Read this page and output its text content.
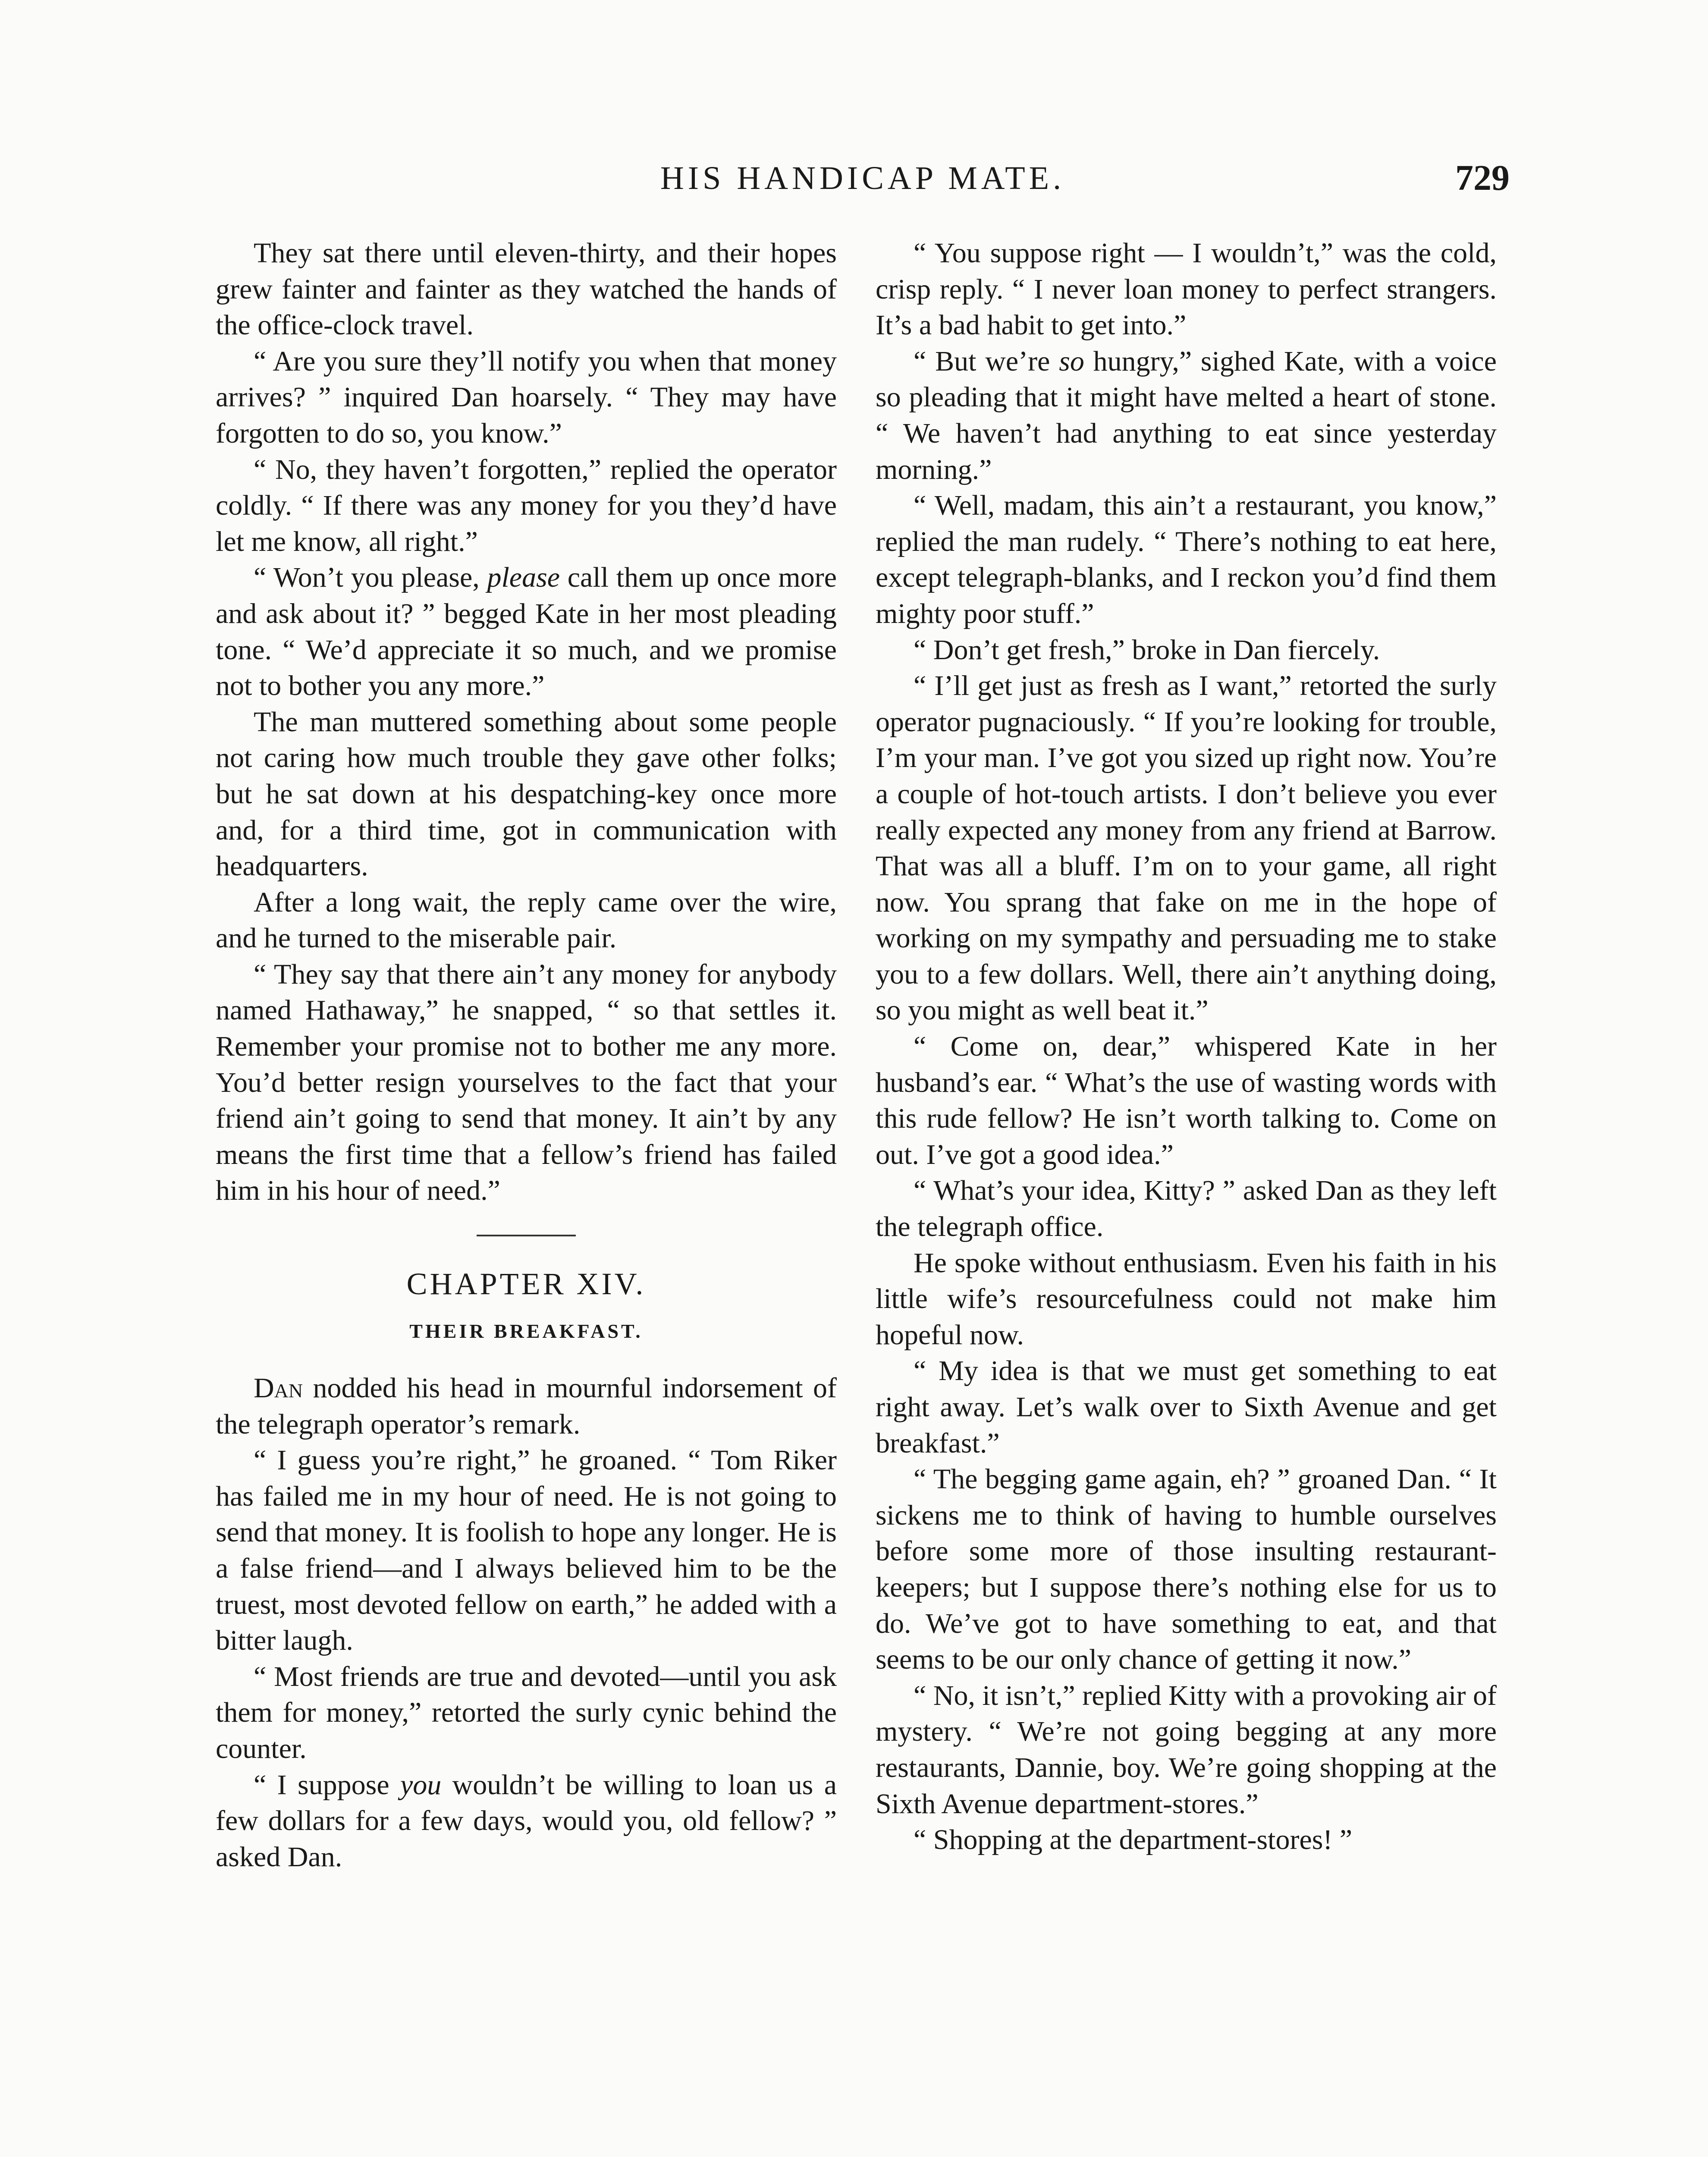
HIS HANDICAP MATE.	729

They sat there until eleven-thirty, and their hopes grew fainter and fainter as they watched the hands of the office-clock travel.

“ Are you sure they’ll notify you when that money arrives? ” inquired Dan hoarsely. “ They may have forgotten to do so, you know.”

“ No, they haven’t forgotten,” replied the operator coldly. “ If there was any money for you they’d have let me know, all right.”

“ Won’t you please, please call them up once more and ask about it? ” begged Kate in her most pleading tone. “ We’d appreciate it so much, and we promise not to bother you any more.”

The man muttered something about some people not caring how much trouble they gave other folks; but he sat down at his despatching-key once more and, for a third time, got in communication with headquarters.

After a long wait, the reply came over the wire, and he turned to the miserable pair.

“ They say that there ain’t any money for anybody named Hathaway,” he snapped, “ so that settles it. Remember your promise not to bother me any more. You’d better resign yourselves to the fact that your friend ain’t going to send that money. It ain’t by any means the first time that a fellow’s friend has failed him in his hour of need.”

CHAPTER XIV.
THEIR BREAKFAST.

Dan nodded his head in mournful indorsement of the telegraph operator’s remark.

“ I guess you’re right,” he groaned. “ Tom Riker has failed me in my hour of need. He is not going to send that money. It is foolish to hope any longer. He is a false friend—and I always believed him to be the truest, most devoted fellow on earth,” he added with a bitter laugh.

“ Most friends are true and devoted—until you ask them for money,” retorted the surly cynic behind the counter.

“ I suppose you wouldn’t be willing to loan us a few dollars for a few days, would you, old fellow? ” asked Dan.

“ You suppose right — I wouldn’t,” was the cold, crisp reply. “ I never loan money to perfect strangers. It’s a bad habit to get into.”

“ But we’re so hungry,” sighed Kate, with a voice so pleading that it might have melted a heart of stone. “ We haven’t had anything to eat since yesterday morning.”

“ Well, madam, this ain’t a restaurant, you know,” replied the man rudely. “ There’s nothing to eat here, except telegraph-blanks, and I reckon you’d find them mighty poor stuff.”

“ Don’t get fresh,” broke in Dan fiercely.

“ I’ll get just as fresh as I want,” retorted the surly operator pugnaciously. “ If you’re looking for trouble, I’m your man. I’ve got you sized up right now. You’re a couple of hot-touch artists. I don’t believe you ever really expected any money from any friend at Barrow. That was all a bluff. I’m on to your game, all right now. You sprang that fake on me in the hope of working on my sympathy and persuading me to stake you to a few dollars. Well, there ain’t anything doing, so you might as well beat it.”

“ Come on, dear,” whispered Kate in her husband’s ear. “ What’s the use of wasting words with this rude fellow? He isn’t worth talking to. Come on out. I’ve got a good idea.”

“ What’s your idea, Kitty? ” asked Dan as they left the telegraph office.

He spoke without enthusiasm. Even his faith in his little wife’s resourcefulness could not make him hopeful now.

“ My idea is that we must get something to eat right away. Let’s walk over to Sixth Avenue and get breakfast.”

“ The begging game again, eh? ” groaned Dan. “ It sickens me to think of having to humble ourselves before some more of those insulting restaurant-keepers; but I suppose there’s nothing else for us to do. We’ve got to have something to eat, and that seems to be our only chance of getting it now.”

“ No, it isn’t,” replied Kitty with a provoking air of mystery. “ We’re not going begging at any more restaurants, Dannie, boy. We’re going shopping at the Sixth Avenue department-stores.”

“ Shopping at the department-stores! ”
